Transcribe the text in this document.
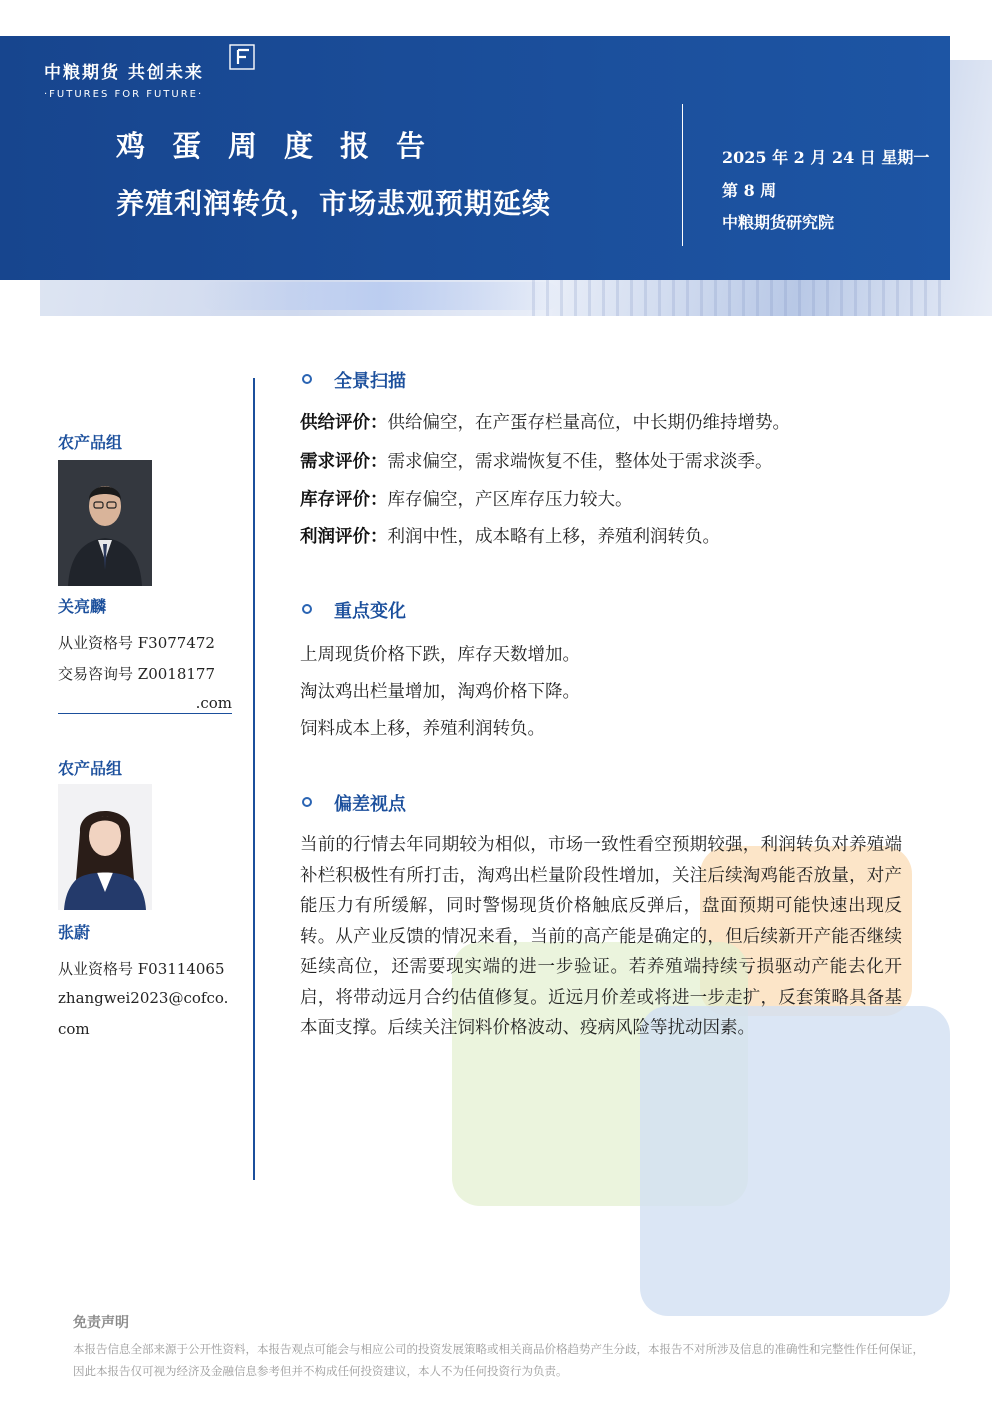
中粮期货 共创未来
·FUTURES FOR FUTURE·
鸡蛋周度报告
养殖利润转负，市场悲观预期延续
2025 年 2 月 24 日 星期一
第 8 周
中粮期货研究院
农产品组
关亮麟
从业资格号 F3077472
交易咨询号 Z0018177
.com
农产品组
张蔚
从业资格号 F03114065
zhangwei2023@cofco.
com
全景扫描
供给评价：供给偏空，在产蛋存栏量高位，中长期仍维持增势。
需求评价：需求偏空，需求端恢复不佳，整体处于需求淡季。
库存评价：库存偏空，产区库存压力较大。
利润评价：利润中性，成本略有上移，养殖利润转负。
重点变化
上周现货价格下跌，库存天数增加。
淘汰鸡出栏量增加，淘鸡价格下降。
饲料成本上移，养殖利润转负。
偏差视点
当前的行情去年同期较为相似，市场一致性看空预期较强，利润转负对养殖端补栏积极性有所打击，淘鸡出栏量阶段性增加，关注后续淘鸡能否放量，对产能压力有所缓解，同时警惕现货价格触底反弹后，盘面预期可能快速出现反转。从产业反馈的情况来看，当前的高产能是确定的，但后续新开产能否继续延续高位，还需要现实端的进一步验证。若养殖端持续亏损驱动产能去化开启，将带动远月合约估值修复。近远月价差或将进一步走扩，反套策略具备基本面支撑。后续关注饲料价格波动、疫病风险等扰动因素。
免责声明
本报告信息全部来源于公开性资料，本报告观点可能会与相应公司的投资发展策略或相关商品价格趋势产生分歧，本报告不对所涉及信息的准确性和完整性作任何保证，因此本报告仅可视为经济及金融信息参考但并不构成任何投资建议，本人不为任何投资行为负责。
